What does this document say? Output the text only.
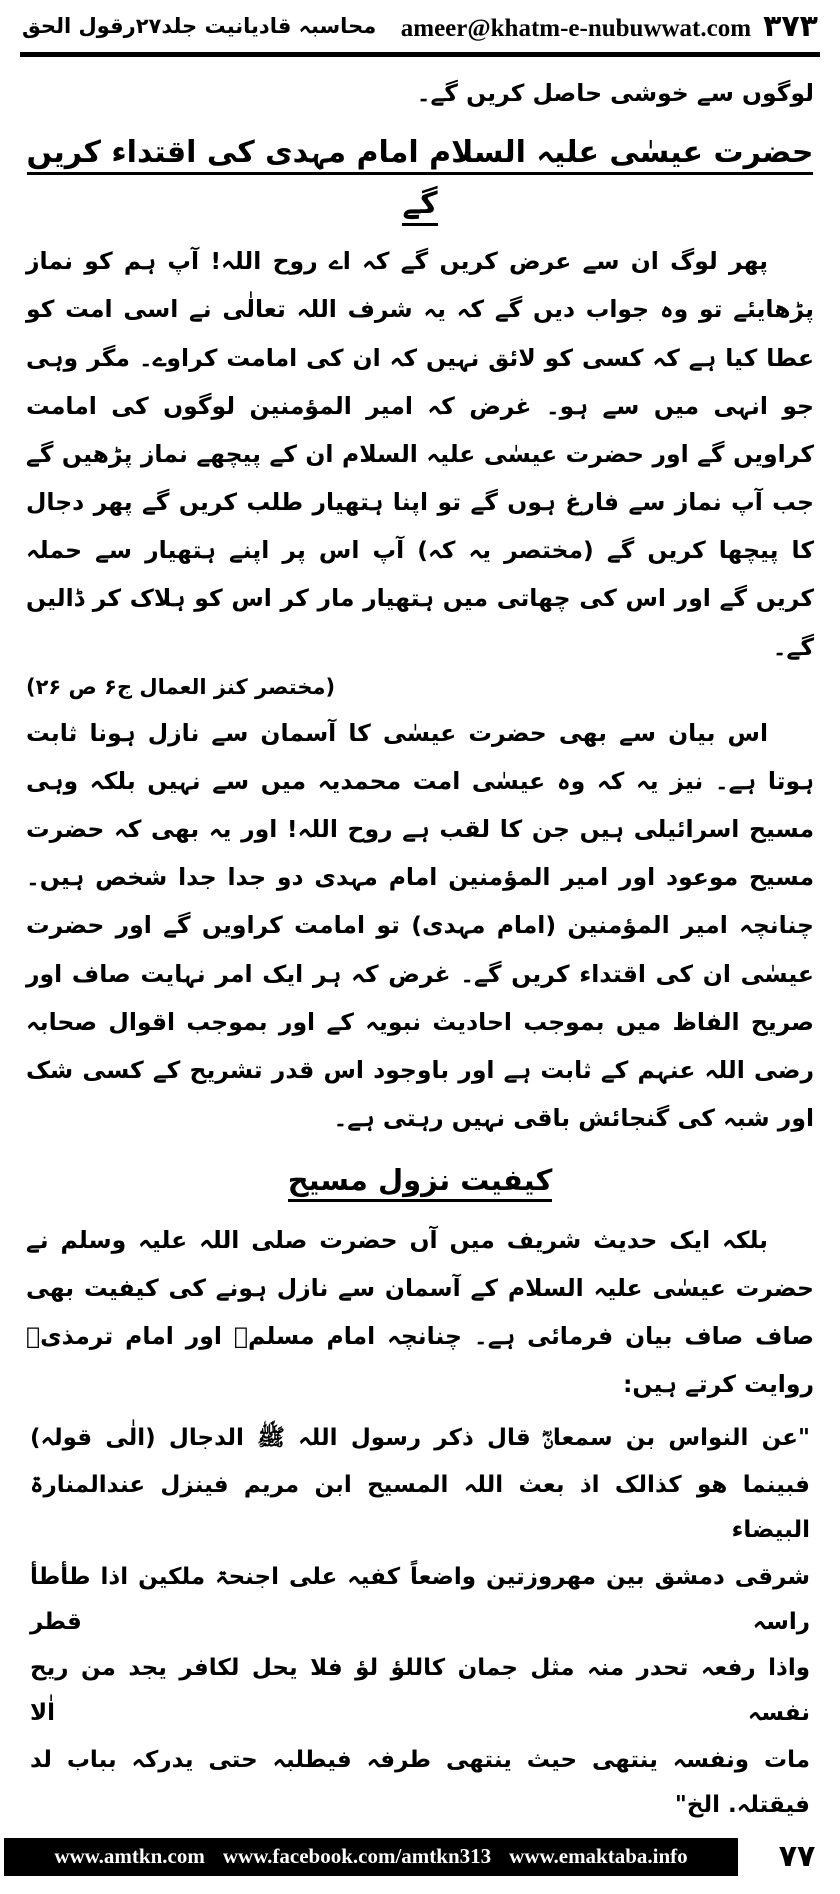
ameer@khatm-e-nubuwwat.com ۳۷۳
محاسبہ قادیانیت جلد۲۷رقول الحق

لوگوں سے خوشی حاصل کریں گے۔

حضرت عیسٰی علیہ السلام امام مہدی کی اقتداء کریں گے

پھر لوگ ان سے عرض کریں گے کہ اے روح اللہ! آپ ہم کو نماز پڑھایئے تو وہ جواب دیں گے کہ یہ شرف اللہ تعالٰی نے اسی امت کو عطا کیا ہے کہ کسی کو لائق نہیں کہ ان کی امامت کراوے۔ مگر وہی جو انہی میں سے ہو۔ غرض کہ امیر المؤمنین لوگوں کی امامت کراویں گے اور حضرت عیسٰی علیہ السلام ان کے پیچھے نماز پڑھیں گے جب آپ نماز سے فارغ ہوں گے تو اپنا ہتھیار طلب کریں گے پھر دجال کا پیچھا کریں گے (مختصر یہ کہ) آپ اس پر اپنے ہتھیار سے حملہ کریں گے اور اس کی چھاتی میں ہتھیار مار کر اس کو ہلاک کر ڈالیں گے۔

(مختصر کنز العمال ج۶ ص ۲۶)

اس بیان سے بھی حضرت عیسٰی کا آسمان سے نازل ہونا ثابت ہوتا ہے۔ نیز یہ کہ وہ عیسٰی امت محمدیہ میں سے نہیں بلکہ وہی مسیح اسرائیلی ہیں جن کا لقب ہے روح اللہ! اور یہ بھی کہ حضرت مسیح موعود اور امیر المؤمنین امام مہدی دو جدا جدا شخص ہیں۔ چنانچہ امیر المؤمنین (امام مہدی) تو امامت کراویں گے اور حضرت عیسٰی ان کی اقتداء کریں گے۔ غرض کہ ہر ایک امر نہایت صاف اور صریح الفاظ میں بموجب احادیث نبویہ کے اور بموجب اقوال صحابہ رضی اللہ عنہم کے ثابت ہے اور باوجود اس قدر تشریح کے کسی شک اور شبہ کی گنجائش باقی نہیں رہتی ہے۔

کیفیت نزول مسیح

بلکہ ایک حدیث شریف میں آں حضرت صلی اللہ علیہ وسلم نے حضرت عیسٰی علیہ السلام کے آسمان سے نازل ہونے کی کیفیت بھی صاف صاف بیان فرمائی ہے۔ چنانچہ امام مسلمؒ اور امام ترمذیؒ روایت کرتے ہیں:

"عن النواس بن سمعانؓ قال ذکر رسول اللہ ﷺ الدجال (الٰی قولہ)

فبینما ھو کذالک اذ بعث اللہ المسیح ابن مریم فینزل عندالمنارۃ البیضاء

شرقی دمشق بین مھروزتین واضعاً کفیہ علی اجنحۃ ملکین اذا طأطأ راسہ قطر

واذا رفعہ تحدر منہ مثل جمان کاللؤ لؤ فلا یحل لکافر یجد من ریح نفسہ اٰلا

مات ونفسہ ینتھی حیث ینتھی طرفہ فیطلبہ حتی یدرکہ بباب لد فیقتلہ. الخ"

www.amtkn.com www.facebook.com/amtkn313 www.emaktaba.info	۷۷
